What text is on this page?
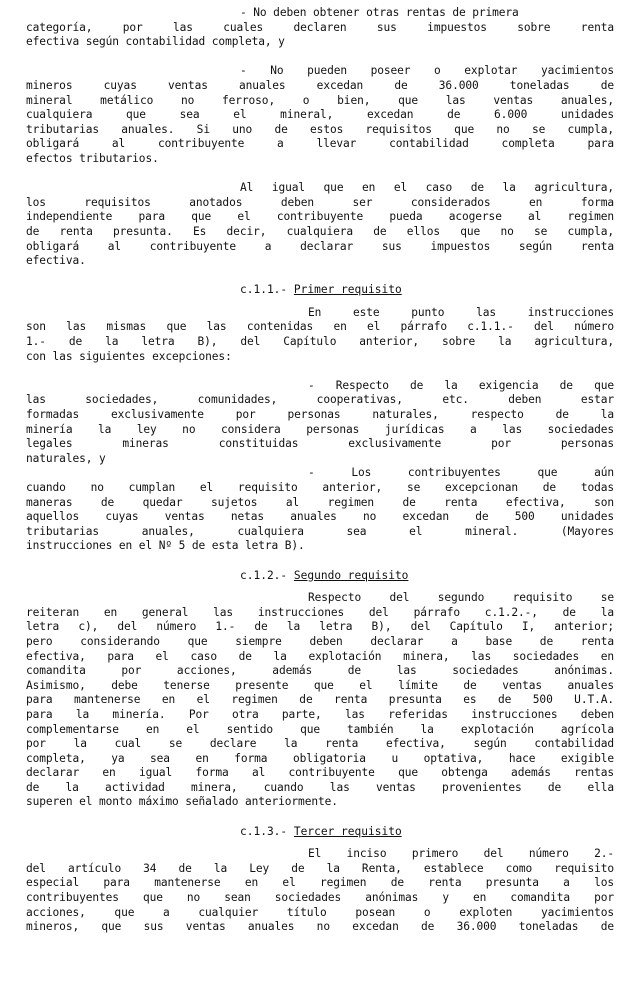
- No deben obtener otras rentas de primera
categoría, por las cuales declaren sus impuestos sobre renta
efectiva según contabilidad completa, y
- No pueden poseer o explotar yacimientos
mineros cuyas ventas anuales excedan de 36.000 toneladas de
mineral metálico no ferroso, o bien, que las ventas anuales,
cualquiera que sea el mineral, excedan de 6.000 unidades
tributarias anuales. Si uno de estos requisitos que no se cumpla,
obligará al contribuyente a llevar contabilidad completa para
efectos tributarios.
Al igual que en el caso de la agricultura,
los requisitos anotados deben ser considerados en forma
independiente para que el contribuyente pueda acogerse al regimen
de renta presunta. Es decir, cualquiera de ellos que no se cumpla,
obligará al contribuyente a declarar sus impuestos según renta
efectiva.
c.1.1.- Primer requisito
En este punto las instrucciones
son las mismas que las contenidas en el párrafo c.1.1.- del número
1.- de la letra B), del Capítulo anterior, sobre la agricultura,
con las siguientes excepciones:
- Respecto de la exigencia de que
las sociedades, comunidades, cooperativas, etc. deben estar
formadas exclusivamente por personas naturales, respecto de la
minería la ley no considera personas jurídicas a las sociedades
legales mineras constituidas exclusivamente por personas
naturales, y
- Los contribuyentes que aún
cuando no cumplan el requisito anterior, se excepcionan de todas
maneras de quedar sujetos al regimen de renta efectiva, son
aquellos cuyas ventas netas anuales no excedan de 500 unidades
tributarias anuales, cualquiera sea el mineral. (Mayores
instrucciones en el Nº 5 de esta letra B).
c.1.2.- Segundo requisito
Respecto del segundo requisito se
reiteran en general las instrucciones del párrafo c.1.2.-, de la
letra c), del número 1.- de la letra B), del Capítulo I, anterior;
pero considerando que siempre deben declarar a base de renta
efectiva, para el caso de la explotación minera, las sociedades en
comandita por acciones, además de las sociedades anónimas.
Asimismo, debe tenerse presente que el límite de ventas anuales
para mantenerse en el regimen de renta presunta es de 500 U.T.A.
para la minería. Por otra parte, las referidas instrucciones deben
complementarse en el sentido que también la explotación agrícola
por la cual se declare la renta efectiva, según contabilidad
completa, ya sea en forma obligatoria u optativa, hace exigible
declarar en igual forma al contribuyente que obtenga además rentas
de la actividad minera, cuando las ventas provenientes de ella
superen el monto máximo señalado anteriormente.
c.1.3.- Tercer requisito
El inciso primero del número 2.-
del artículo 34 de la Ley de la Renta, establece como requisito
especial para mantenerse en el regimen de renta presunta a los
contribuyentes que no sean sociedades anónimas y en comandita por
acciones, que a cualquier título posean o exploten yacimientos
mineros, que sus ventas anuales no excedan de 36.000 toneladas de
